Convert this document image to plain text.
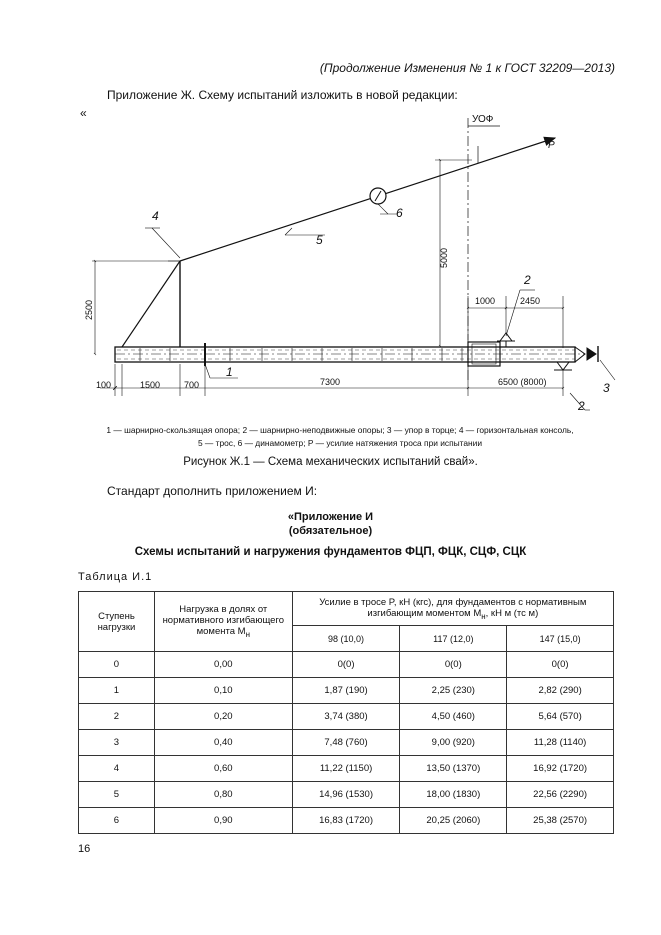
(Продолжение Изменения № 1 к ГОСТ 32209—2013)
Приложение Ж. Схему испытаний изложить в новой редакции:
«	УОФ
P
4
5
6
1
2
2
3
1000	2450
100	1500	700	7300	6500 (8000)
2500
5000
1 — шарнирно-скользящая опора; 2 — шарнирно-неподвижные опоры; 3 — упор в торце; 4 — горизонтальная консоль,
5 — трос, 6 — динамометр; P — усилие натяжения троса при испытании
Рисунок Ж.1 — Схема механических испытаний свай».
Стандарт дополнить приложением И:
«Приложение И
(обязательное)
Схемы испытаний и нагружения фундаментов ФЦП, ФЦК, СЦФ, СЦК
Таблица И.1
Ступень нагрузки	Нагрузка в долях от нормативного изгибающего момента $M_н$	Усилие в тросе P, кН (кгс), для фундаментов с нормативным изгибающим моментом $M_н$, кН м (тс м)		
		98 (10,0)	117 (12,0)	147 (15,0)
0	0,00	0(0)	0(0)	0(0)
1	0,10	1,87 (190)	2,25 (230)	2,82 (290)
2	0,20	3,74 (380)	4,50 (460)	5,64 (570)
3	0,40	7,48 (760)	9,00 (920)	11,28 (1140)
4	0,60	11,22 (1150)	13,50 (1370)	16,92 (1720)
5	0,80	14,96 (1530)	18,00 (1830)	22,56 (2290)
6	0,90	16,83 (1720)	20,25 (2060)	25,38 (2570)
16
